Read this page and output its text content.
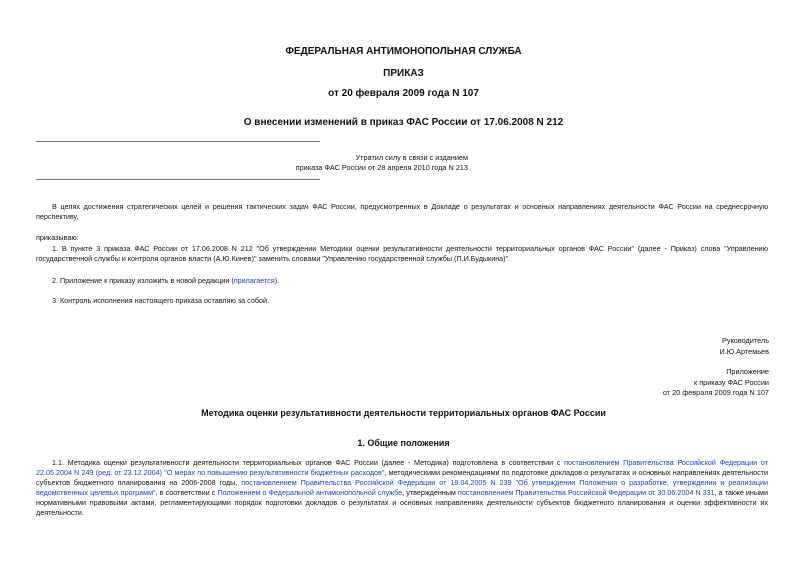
ФЕДЕРАЛЬНАЯ АНТИМОНОПОЛЬНАЯ СЛУЖБА
ПРИКАЗ
от 20 февраля 2009 года N 107
О внесении изменений в приказ ФАС России от 17.06.2008 N 212
Утратил силу в связи с изданием
приказа ФАС России от 28 апреля 2010 года N 213
В целях достижения стратегических целей и решения тактических задач ФАС России, предусмотренных в Докладе о результатах и основных направлениях деятельности ФАС России на среднесрочную перспективу,
приказываю:
1. В пункте 3 приказа ФАС России от 17.06.2008 N 212 "Об утверждении Методики оценки результативности деятельности территориальных органов ФАС России" (далее - Приказ) слова "Управлению государственной службы и контроля органов власти (А.Ю.Кинев)" заменить словами "Управлению государственной службы (П.И.Будыкина)".
2. Приложение к приказу изложить в новой редакции (прилагается).
3. Контроль исполнения настоящего приказа оставляю за собой.
Руководитель
И.Ю.Артемьев
Приложение
к приказу ФАС России
от 20 февраля 2009 года N 107
Методика оценки результативности деятельности территориальных органов ФАС России
1. Общие положения
1.1. Методика оценки результативности деятельности территориальных органов ФАС России (далее - Методика) подготовлена в соответствии с постановлением Правительства Российской Федерации от 22.05.2004 N 249 (ред. от 23.12.2004) "О мерах по повышению результативности бюджетных расходов", методическими рекомендациями по подготовке докладов о результатах и основных направлениях деятельности субъектов бюджетного планирования на 2006-2008 годы, постановлением Правительства Российской Федерации от 19.04.2005 N 239 "Об утверждении Положения о разработке, утверждении и реализации ведомственных целевых программ", в соответствии с Положением о Федеральной антимонопольной службе, утвержденным постановлением Правительства Российской Федерации от 30.06.2004 N 331, а также иными нормативными правовыми актами, регламентирующими порядок подготовки докладов о результатах и основных направлениях деятельности субъектов бюджетного планирования и оценки эффективности их деятельности.
